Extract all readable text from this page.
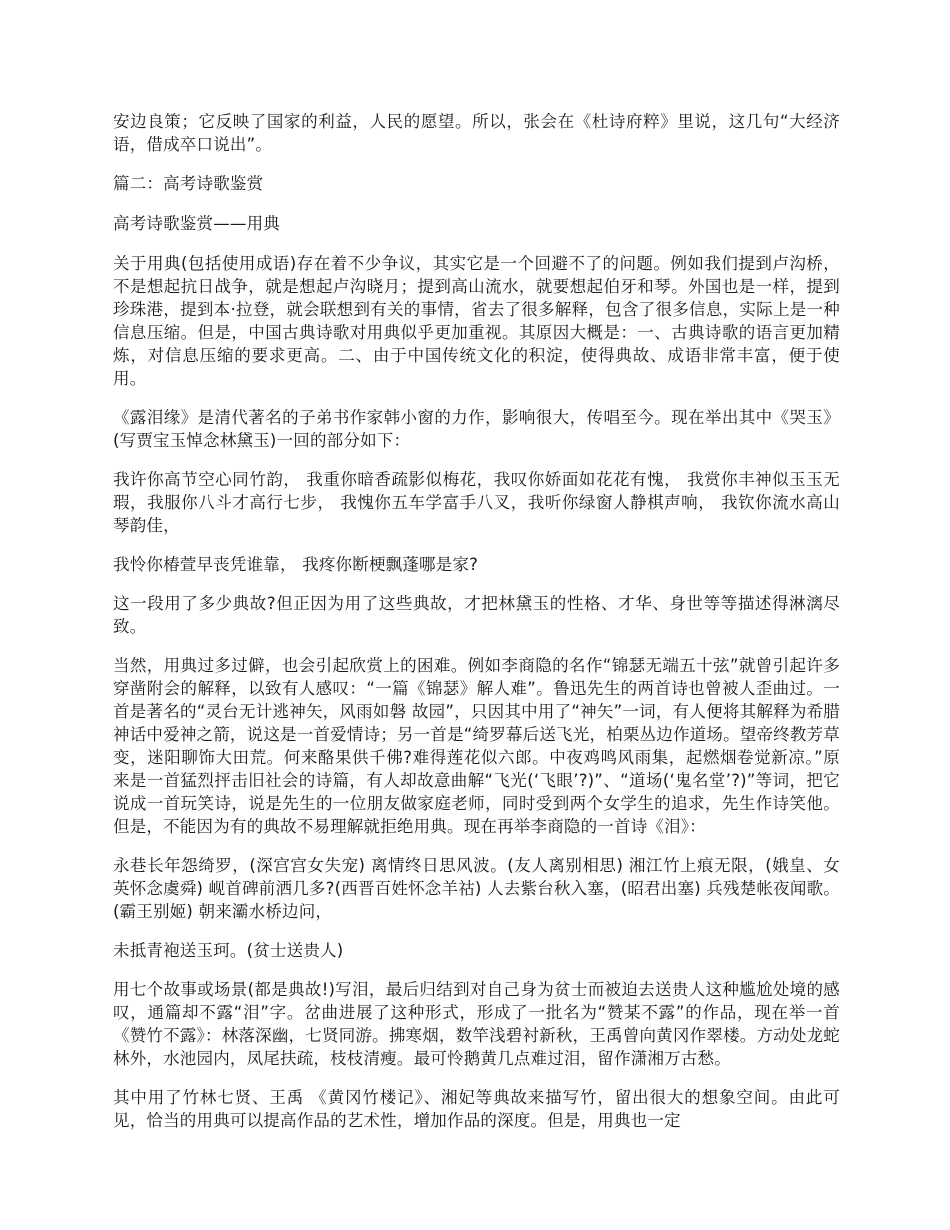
安边良策；它反映了国家的利益，人民的愿望。所以，张会在《杜诗府粹》里说，这几句“大经济语，借成卒口说出”。

篇二：高考诗歌鉴赏

高考诗歌鉴赏——用典

关于用典(包括使用成语)存在着不少争议，其实它是一个回避不了的问题。例如我们提到卢沟桥，不是想起抗日战争，就是想起卢沟晓月；提到高山流水，就要想起伯牙和琴。外国也是一样，提到珍珠港，提到本·拉登，就会联想到有关的事情，省去了很多解释，包含了很多信息，实际上是一种信息压缩。但是，中国古典诗歌对用典似乎更加重视。其原因大概是：一、古典诗歌的语言更加精炼，对信息压缩的要求更高。二、由于中国传统文化的积淀，使得典故、成语非常丰富，便于使用。

《露泪缘》是清代著名的子弟书作家韩小窗的力作，影响很大，传唱至今。现在举出其中《哭玉》(写贾宝玉悼念林黛玉)一回的部分如下：

我许你高节空心同竹韵， 我重你暗香疏影似梅花，我叹你娇面如花花有愧， 我赏你丰神似玉玉无瑕，我服你八斗才高行七步， 我愧你五车学富手八叉，我听你绿窗人静棋声响， 我钦你流水高山琴韵佳，

我怜你椿萱早丧凭谁靠， 我疼你断梗飘蓬哪是家?

这一段用了多少典故?但正因为用了这些典故，才把林黛玉的性格、才华、身世等等描述得淋漓尽致。

当然，用典过多过僻，也会引起欣赏上的困难。例如李商隐的名作“锦瑟无端五十弦”就曾引起许多穿凿附会的解释，以致有人感叹：“一篇《锦瑟》解人难”。鲁迅先生的两首诗也曾被人歪曲过。一首是著名的“灵台无计逃神矢，风雨如磐 故园”，只因其中用了“神矢”一词，有人便将其解释为希腊神话中爱神之箭，说这是一首爱情诗；另一首是“绮罗幕后送飞光，柏栗丛边作道场。望帝终教芳草变，迷阳聊饰大田荒。何来酪果供千佛?难得莲花似六郎。中夜鸡鸣风雨集，起燃烟卷觉新凉。”原来是一首猛烈抨击旧社会的诗篇，有人却故意曲解“飞光(‘飞眼’?)”、“道场(‘鬼名堂’?)”等词，把它说成一首玩笑诗，说是先生的一位朋友做家庭老师，同时受到两个女学生的追求，先生作诗笑他。但是，不能因为有的典故不易理解就拒绝用典。现在再举李商隐的一首诗《泪》：

永巷长年怨绮罗，(深宫宫女失宠) 离情终日思风波。(友人离别相思) 湘江竹上痕无限，(娥皇、女英怀念虞舜) 岘首碑前洒几多?(西晋百姓怀念羊祜) 人去紫台秋入塞，(昭君出塞) 兵残楚帐夜闻歌。(霸王别姬) 朝来灞水桥边问，

未抵青袍送玉珂。(贫士送贵人)

用七个故事或场景(都是典故!)写泪，最后归结到对自己身为贫士而被迫去送贵人这种尴尬处境的感叹，通篇却不露“泪”字。岔曲进展了这种形式，形成了一批名为“赞某不露”的作品，现在举一首《赞竹不露》：林落深幽，七贤同游。拂寒烟，数竿浅碧衬新秋，王禹曾向黄冈作翠楼。方动处龙蛇林外，水池园内，凤尾扶疏，枝枝清瘦。最可怜鹅黄几点难过泪，留作潇湘万古愁。

其中用了竹林七贤、王禹 《黄冈竹楼记》、湘妃等典故来描写竹，留出很大的想象空间。由此可见，恰当的用典可以提高作品的艺术性，增加作品的深度。但是，用典也一定
